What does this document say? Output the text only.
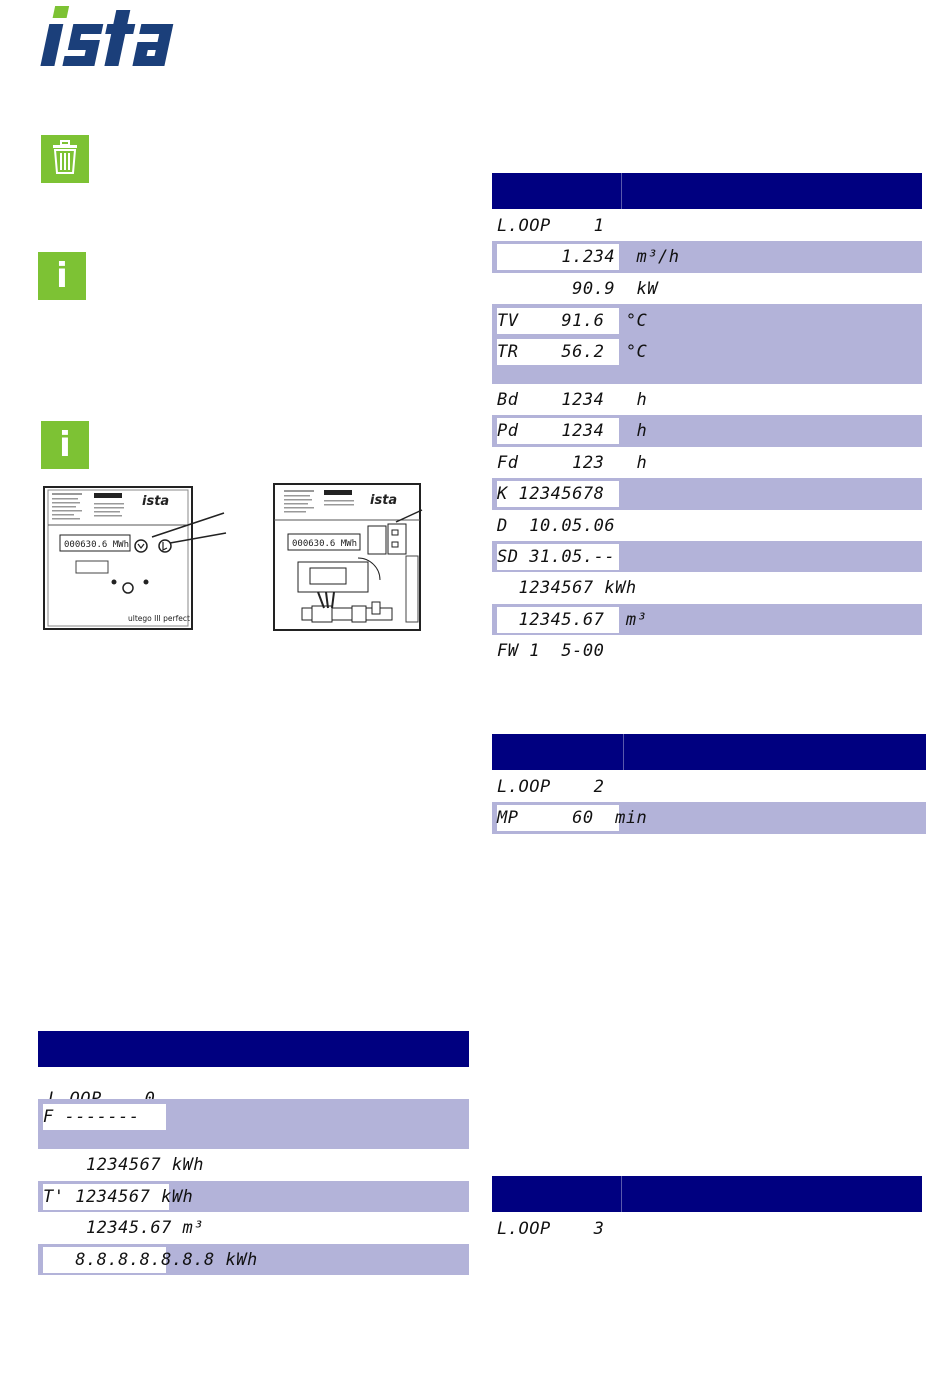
i
i
ista
000630.6 MWh
ultego III perfect
ista
000630.6 MWh
F -------
1234567 kWh
T' 1234567 kWh
12345.67 m³
8.8.8.8.8.8.8 kWh
L.OOP    1
1.234  m³/h
90.9  kW
TV    91.6  °C
TR    56.2  °C
Bd    1234   h
Pd    1234   h
Fd     123   h
K 12345678
D  10.05.06
SD 31.05.--
1234567 kWh
12345.67  m³
FW 1  5-00
L.OOP    2
MP     60  min
L.OOP    3
